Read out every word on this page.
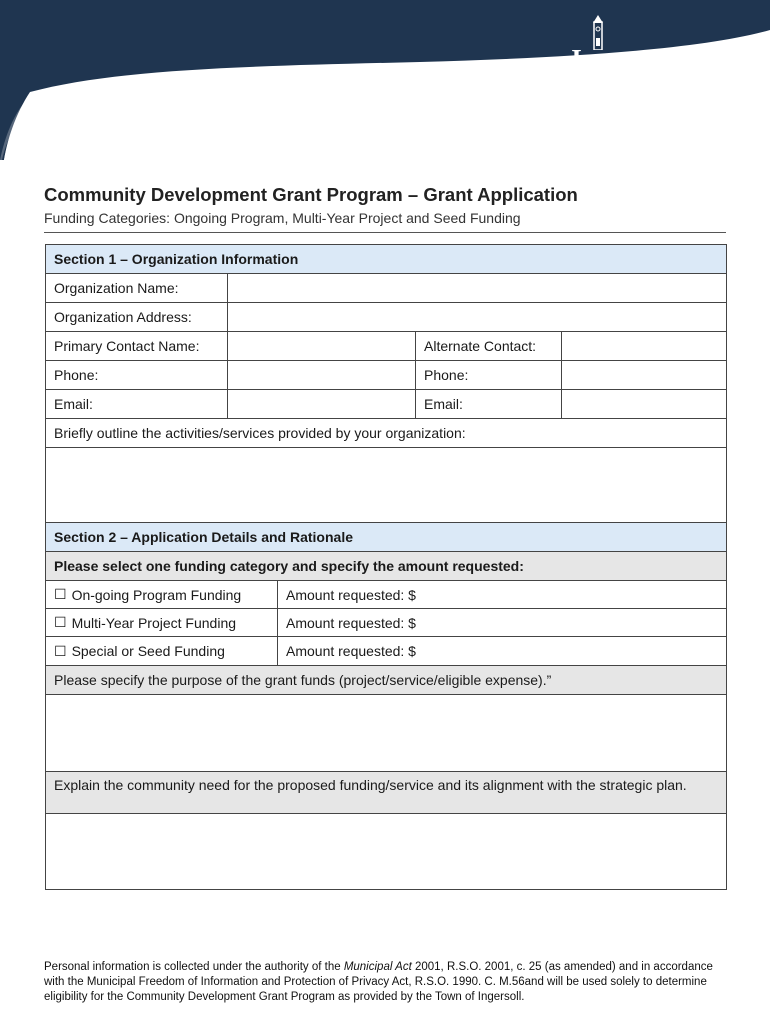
Ingersoll
our heritage, your future
Community Development Grant Program – Grant Application
Funding Categories: Ongoing Program, Multi-Year Project and Seed Funding
Section 1 – Organization Information
Organization Name:
Organization Address:
Primary Contact Name:	Alternate Contact:
Phone:	Phone:
Email:	Email:
Briefly outline the activities/services provided by your organization:
Section 2 – Application Details and Rationale
Please select one funding category and specify the amount requested:
☐ On-going Program Funding	Amount requested: $
☐ Multi-Year Project Funding	Amount requested: $
☐ Special or Seed Funding	Amount requested: $
Please specify the purpose of the grant funds (project/service/eligible expense).”
Explain the community need for the proposed funding/service and its alignment with the strategic plan.
Personal information is collected under the authority of the Municipal Act 2001, R.S.O. 2001, c. 25 (as amended) and in accordance with the Municipal Freedom of Information and Protection of Privacy Act, R.S.O. 1990. C. M.56and will be used solely to determine eligibility for the Community Development Grant Program as provided by the Town of Ingersoll.
